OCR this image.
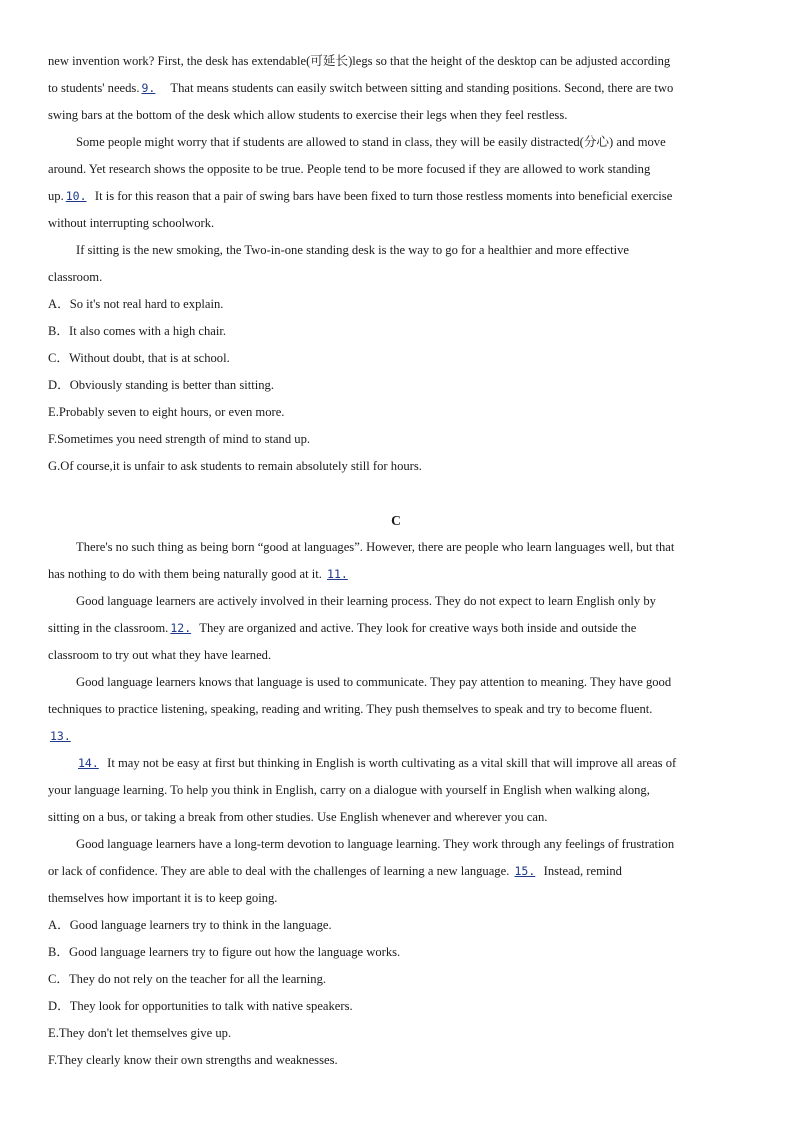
new invention work? First, the desk has extendable(可延长)legs so that the height of the desktop can be adjusted according
to students' needs. 9. That means students can easily switch between sitting and standing positions. Second, there are two
swing bars at the bottom of the desk which allow students to exercise their legs when they feel restless.
Some people might worry that if students are allowed to stand in class, they will be easily distracted(分心) and move
around. Yet research shows the opposite to be true. People tend to be more focused if they are allowed to work standing
up. 10. It is for this reason that a pair of swing bars have been fixed to turn those restless moments into beneficial exercise
without interrupting schoolwork.
If sitting is the new smoking, the Two-in-one standing desk is the way to go for a healthier and more effective
classroom.
A．So it's not real hard to explain.
B．It also comes with a high chair.
C．Without doubt, that is at school.
D．Obviously standing is better than sitting.
E.Probably seven to eight hours, or even more.
F.Sometimes you need strength of mind to stand up.
G.Of course,it is unfair to ask students to remain absolutely still for hours.
C
There's no such thing as being born “good at languages”. However, there are people who learn languages well, but that
has nothing to do with them being naturally good at it. 11.
Good language learners are actively involved in their learning process. They do not expect to learn English only by
sitting in the classroom. 12. They are organized and active. They look for creative ways both inside and outside the
classroom to try out what they have learned.
Good language learners knows that language is used to communicate. They pay attention to meaning. They have good
techniques to practice listening, speaking, reading and writing. They push themselves to speak and try to become fluent.
13.
14. It may not be easy at first but thinking in English is worth cultivating as a vital skill that will improve all areas of
your language learning. To help you think in English, carry on a dialogue with yourself in English when walking along,
sitting on a bus, or taking a break from other studies. Use English whenever and wherever you can.
Good language learners have a long-term devotion to language learning. They work through any feelings of frustration
or lack of confidence. They are able to deal with the challenges of learning a new language. 15. Instead, remind
themselves how important it is to keep going.
A．Good language learners try to think in the language.
B．Good language learners try to figure out how the language works.
C．They do not rely on the teacher for all the learning.
D．They look for opportunities to talk with native speakers.
E.They don't let themselves give up.
F.They clearly know their own strengths and weaknesses.
